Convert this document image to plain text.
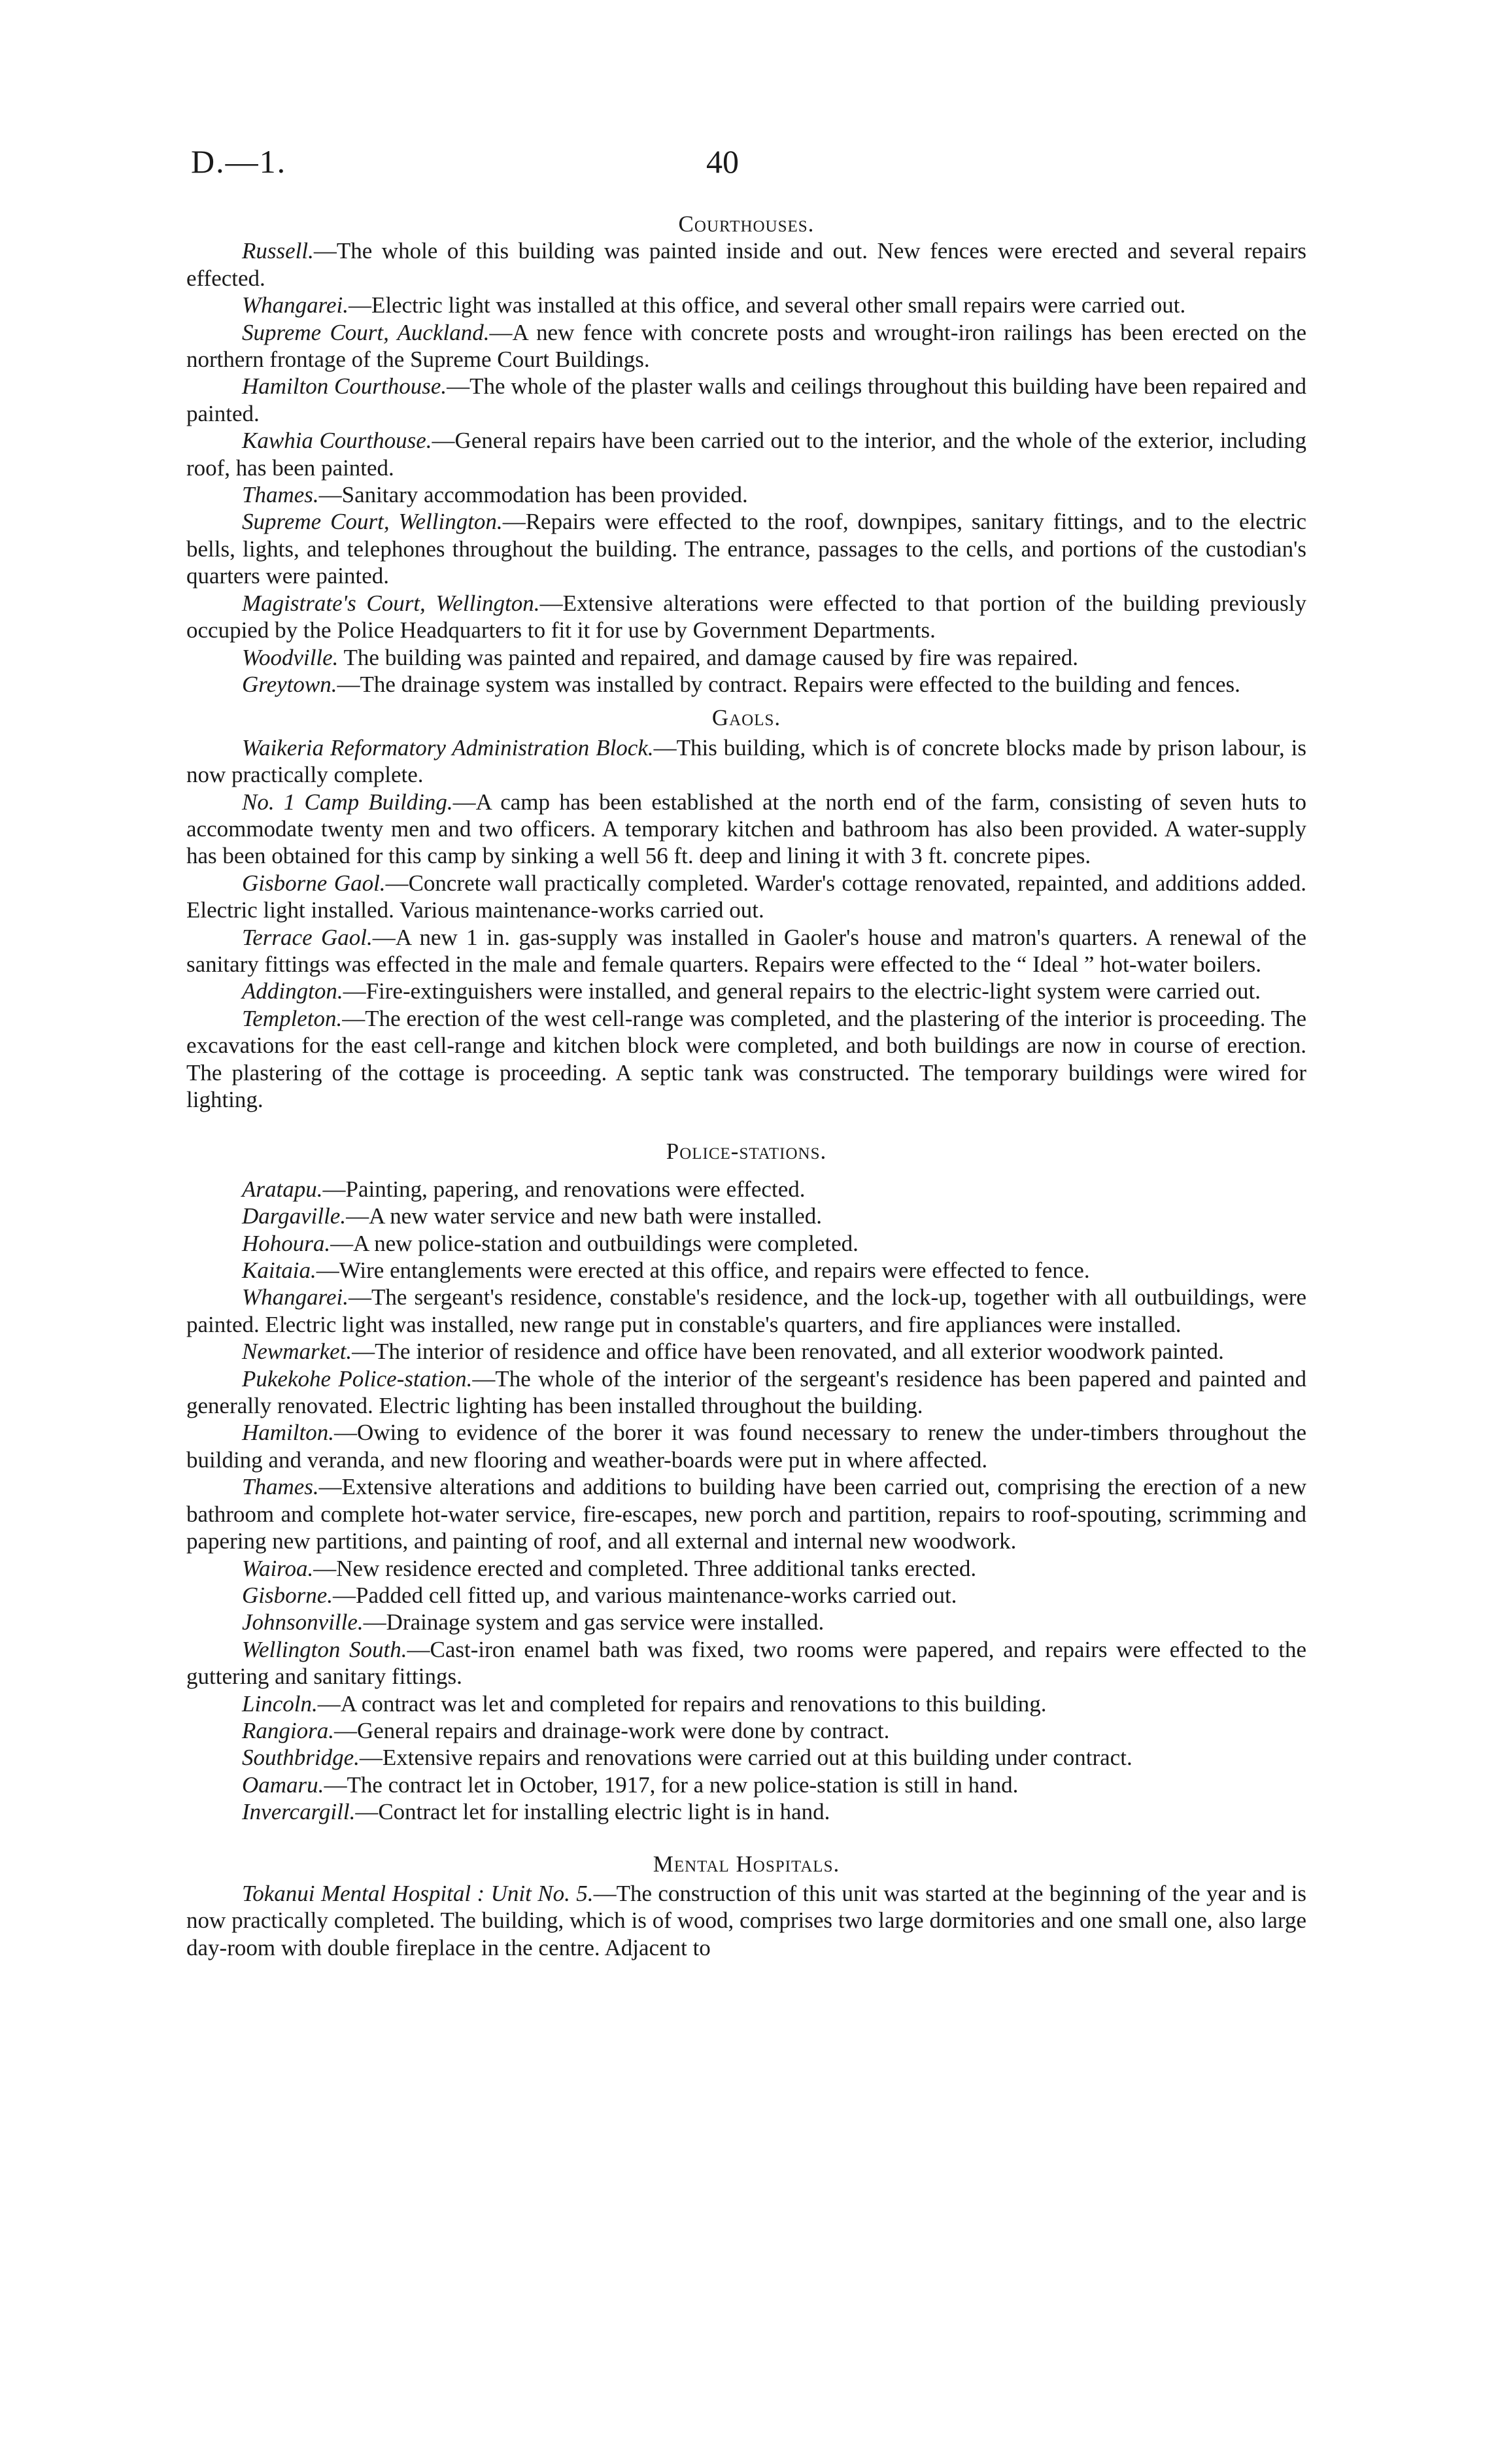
D.—1.	40

Courthouses.

Russell.—The whole of this building was painted inside and out. New fences were erected and several repairs effected.

Whangarei.—Electric light was installed at this office, and several other small repairs were carried out.

Supreme Court, Auckland.—A new fence with concrete posts and wrought-iron railings has been erected on the northern frontage of the Supreme Court Buildings.

Hamilton Courthouse.—The whole of the plaster walls and ceilings throughout this building have been repaired and painted.

Kawhia Courthouse.—General repairs have been carried out to the interior, and the whole of the exterior, including roof, has been painted.

Thames.—Sanitary accommodation has been provided.

Supreme Court, Wellington.—Repairs were effected to the roof, downpipes, sanitary fittings, and to the electric bells, lights, and telephones throughout the building. The entrance, passages to the cells, and portions of the custodian's quarters were painted.

Magistrate's Court, Wellington.—Extensive alterations were effected to that portion of the building previously occupied by the Police Headquarters to fit it for use by Government Departments.

Woodville. The building was painted and repaired, and damage caused by fire was repaired.

Greytown.—The drainage system was installed by contract. Repairs were effected to the building and fences.

Gaols.

Waikeria Reformatory Administration Block.—This building, which is of concrete blocks made by prison labour, is now practically complete.

No. 1 Camp Building.—A camp has been established at the north end of the farm, consisting of seven huts to accommodate twenty men and two officers. A temporary kitchen and bathroom has also been provided. A water-supply has been obtained for this camp by sinking a well 56 ft. deep and lining it with 3 ft. concrete pipes.

Gisborne Gaol.—Concrete wall practically completed. Warder's cottage renovated, repainted, and additions added. Electric light installed. Various maintenance-works carried out.

Terrace Gaol.—A new 1 in. gas-supply was installed in Gaoler's house and matron's quarters. A renewal of the sanitary fittings was effected in the male and female quarters. Repairs were effected to the “ Ideal ” hot-water boilers.

Addington.—Fire-extinguishers were installed, and general repairs to the electric-light system were carried out.

Templeton.—The erection of the west cell-range was completed, and the plastering of the interior is proceeding. The excavations for the east cell-range and kitchen block were completed, and both buildings are now in course of erection. The plastering of the cottage is proceeding. A septic tank was constructed. The temporary buildings were wired for lighting.

Police-stations.

Aratapu.—Painting, papering, and renovations were effected.

Dargaville.—A new water service and new bath were installed.

Hohoura.—A new police-station and outbuildings were completed.

Kaitaia.—Wire entanglements were erected at this office, and repairs were effected to fence.

Whangarei.—The sergeant's residence, constable's residence, and the lock-up, together with all outbuildings, were painted. Electric light was installed, new range put in constable's quarters, and fire appliances were installed.

Newmarket.—The interior of residence and office have been renovated, and all exterior woodwork painted.

Pukekohe Police-station.—The whole of the interior of the sergeant's residence has been papered and painted and generally renovated. Electric lighting has been installed throughout the building.

Hamilton.—Owing to evidence of the borer it was found necessary to renew the under-timbers throughout the building and veranda, and new flooring and weather-boards were put in where affected.

Thames.—Extensive alterations and additions to building have been carried out, comprising the erection of a new bathroom and complete hot-water service, fire-escapes, new porch and partition, repairs to roof-spouting, scrimming and papering new partitions, and painting of roof, and all external and internal new woodwork.

Wairoa.—New residence erected and completed. Three additional tanks erected.

Gisborne.—Padded cell fitted up, and various maintenance-works carried out.

Johnsonville.—Drainage system and gas service were installed.

Wellington South.—Cast-iron enamel bath was fixed, two rooms were papered, and repairs were effected to the guttering and sanitary fittings.

Lincoln.—A contract was let and completed for repairs and renovations to this building.

Rangiora.—General repairs and drainage-work were done by contract.

Southbridge.—Extensive repairs and renovations were carried out at this building under contract.

Oamaru.—The contract let in October, 1917, for a new police-station is still in hand.

Invercargill.—Contract let for installing electric light is in hand.

Mental Hospitals.

Tokanui Mental Hospital : Unit No. 5.—The construction of this unit was started at the beginning of the year and is now practically completed. The building, which is of wood, comprises two large dormitories and one small one, also large day-room with double fireplace in the centre. Adjacent to
